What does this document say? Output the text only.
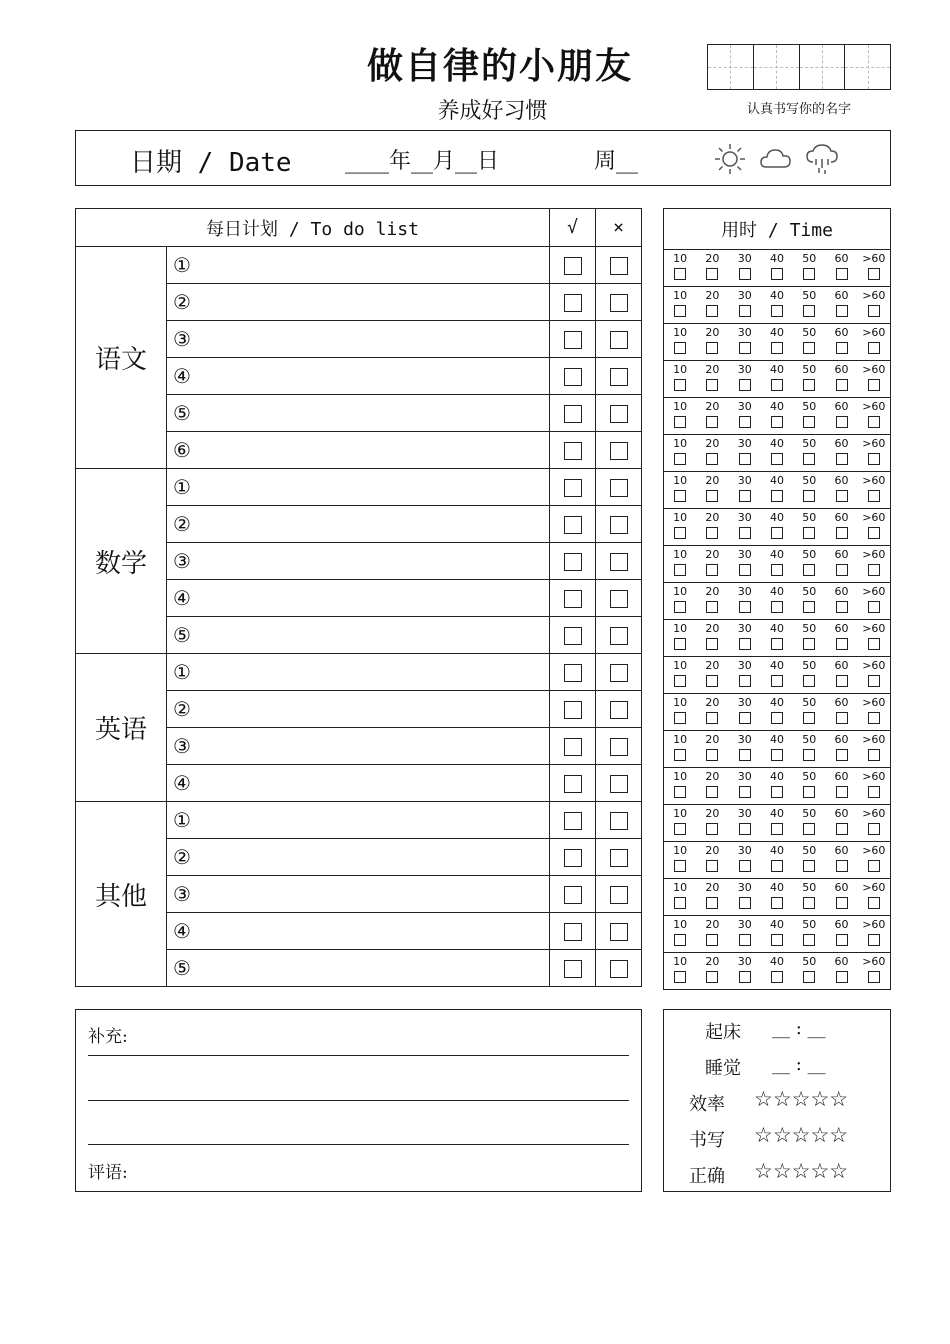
做自律的小朋友
养成好习惯	认真书写你的名字
日期 / Date ____年__月__日	周__
每日计划 / To do list		√	×
语文	①		
	②		
	③		
	④		
	⑤		
	⑥		
数学	①		
	②		
	③		
	④		
	⑤		
英语	①		
	②		
	③		
	④		
其他	①		
	②		
	③		
	④		
	⑤		
用时 / Time
10	20	30	40	50	60	>60
10	20	30	40	50	60	>60
10	20	30	40	50	60	>60
10	20	30	40	50	60	>60
10	20	30	40	50	60	>60
10	20	30	40	50	60	>60
10	20	30	40	50	60	>60
10	20	30	40	50	60	>60
10	20	30	40	50	60	>60
10	20	30	40	50	60	>60
10	20	30	40	50	60	>60
10	20	30	40	50	60	>60
10	20	30	40	50	60	>60
10	20	30	40	50	60	>60
10	20	30	40	50	60	>60
10	20	30	40	50	60	>60
10	20	30	40	50	60	>60
10	20	30	40	50	60	>60
10	20	30	40	50	60	>60
10	20	30	40	50	60	>60
补充:
评语:
起床 __ : __
睡觉 __ : __
效率 ☆☆☆☆☆
书写 ☆☆☆☆☆
正确 ☆☆☆☆☆
